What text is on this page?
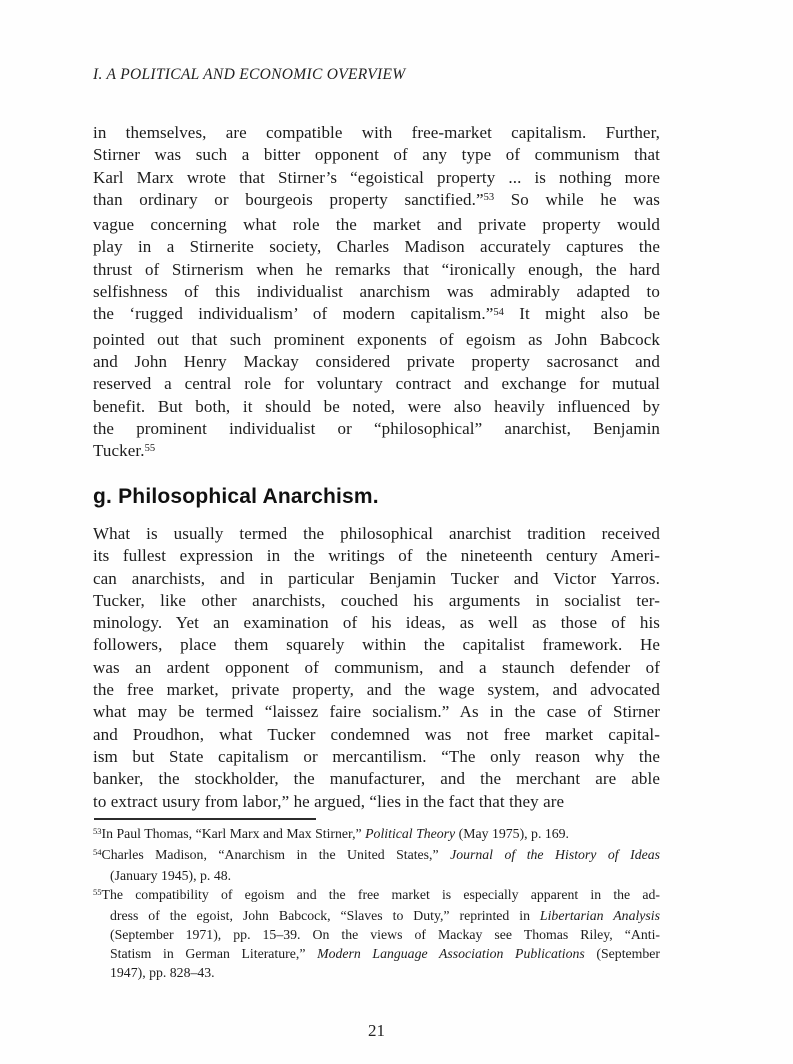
I. A POLITICAL AND ECONOMIC OVERVIEW
in themselves, are compatible with free-market capitalism. Further,
Stirner was such a bitter opponent of any type of communism that
Karl Marx wrote that Stirner’s “egoistical property ... is nothing more
than ordinary or bourgeois property sanctified.”$^{53}$ So while he was
vague concerning what role the market and private property would
play in a Stirnerite society, Charles Madison accurately captures the
thrust of Stirnerism when he remarks that “ironically enough, the hard
selfishness of this individualist anarchism was admirably adapted to
the ‘rugged individualism’ of modern capitalism.”$^{54}$ It might also be
pointed out that such prominent exponents of egoism as John Babcock
and John Henry Mackay considered private property sacrosanct and
reserved a central role for voluntary contract and exchange for mutual
benefit. But both, it should be noted, were also heavily influenced by
the prominent individualist or “philosophical” anarchist, Benjamin
Tucker.$^{55}$
g. Philosophical Anarchism.
What is usually termed the philosophical anarchist tradition received
its fullest expression in the writings of the nineteenth century Ameri-
can anarchists, and in particular Benjamin Tucker and Victor Yarros.
Tucker, like other anarchists, couched his arguments in socialist ter-
minology. Yet an examination of his ideas, as well as those of his
followers, place them squarely within the capitalist framework. He
was an ardent opponent of communism, and a staunch defender of
the free market, private property, and the wage system, and advocated
what may be termed “laissez faire socialism.” As in the case of Stirner
and Proudhon, what Tucker condemned was not free market capital-
ism but State capitalism or mercantilism. “The only reason why the
banker, the stockholder, the manufacturer, and the merchant are able
to extract usury from labor,” he argued, “lies in the fact that they are
$^{53}$In Paul Thomas, “Karl Marx and Max Stirner,” Political Theory (May 1975), p. 169.
$^{54}$Charles Madison, “Anarchism in the United States,” Journal of the History of Ideas
(January 1945), p. 48.
$^{55}$The compatibility of egoism and the free market is especially apparent in the ad-
dress of the egoist, John Babcock, “Slaves to Duty,” reprinted in Libertarian Analysis
(September 1971), pp. 15–39. On the views of Mackay see Thomas Riley, “Anti-
Statism in German Literature,” Modern Language Association Publications (September
1947), pp. 828–43.
21
